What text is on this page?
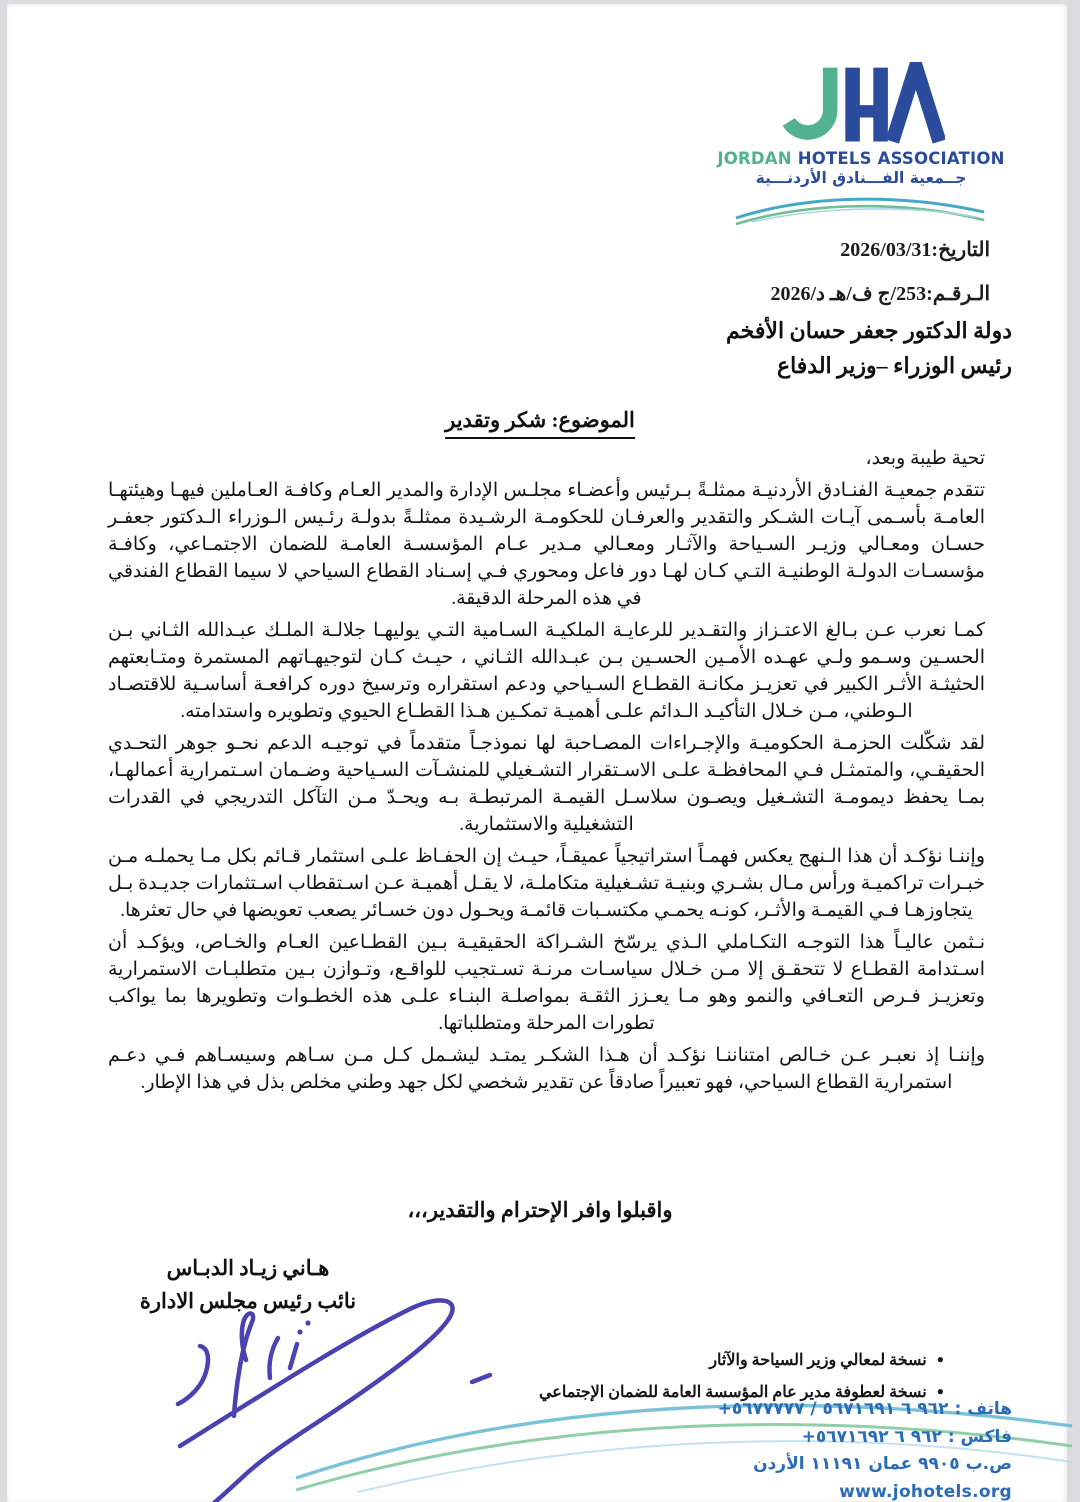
JORDAN HOTELS ASSOCIATION
جــمعية الفـــنادق الأردنـــية
التاريخ:2026/03/31
الـرقـم:253/ج ف/هـ د/2026
دولة الدكتور جعفر حسان الأفخم
رئيس الوزراء –وزير الدفاع
الموضوع: شكر وتقدير
تحية طيبة وبعد،

تتقدم جمعيـة الفنـادق الأردنيـة ممثلـةً بـرئيس وأعضـاء مجلـس الإدارة والمدير العـام وكافـة العـاملين فيهـا وهيئتهـا العامـة بأسـمى آيـات الشـكر والتقدير والعرفـان للحكومـة الرشـيدة ممثلـةً بدولـة رئـيس الـوزراء الـدكتور جعفـر حسـان ومعـالي وزيـر السـياحة والآثـار ومعـالي مـدير عـام المؤسسـة العامـة للضمان الاجتمـاعي، وكافـة مؤسسـات الدولـة الوطنيـة التـي كـان لهـا دور فاعل ومحوري فـي إسـناد القطاع السياحي لا سيما القطاع الفندقي في هذه المرحلة الدقيقة.

كمـا نعرب عـن بـالغ الاعتـزاز والتقـدير للرعايـة الملكيـة السـامية التـي يوليهـا جلالـة الملـك عبـدالله الثـاني بـن الحسـين وسـمو ولـي عهـده الأمـين الحسـين بـن عبـدالله الثـاني ، حيـث كـان لتوجيهـاتهم المستمرة ومتـابعتهم الحثيثـة الأثـر الكبير في تعزيـز مكانـة القطـاع السـياحي ودعم استقراره وترسيخ دوره كرافعـة أساسـية للاقتصـاد الـوطني، مـن خـلال التأكيـد الـدائم علـى أهميـة تمكـين هـذا القطـاع الحيوي وتطويره واستدامته.

لقد شكّلت الحزمـة الحكوميـة والإجـراءات المصـاحبة لها نموذجـاً متقدماً في توجيـه الدعم نحـو جوهر التحـدي الحقيقـي، والمتمثـل فـي المحافظـة علـى الاسـتقرار التشـغيلي للمنشـآت السـياحية وضـمان اسـتمرارية أعمالهـا، بمـا يحفظ ديمومـة التشـغيل ويصـون سلاسـل القيمـة المرتبطـة بـه ويحـدّ مـن التآكل التدريجي في القدرات التشغيلية والاستثمارية.

وإننـا نؤكـد أن هذا الـنهج يعكس فهمـاً استراتيجياً عميقـاً، حيـث إن الحفـاظ علـى استثمار قـائم بكل مـا يحملـه مـن خبـرات تراكميـة ورأس مـال بشـري وبنيـة تشـغيلية متكاملـة، لا يقـل أهميـة عـن اسـتقطاب اسـتثمارات جديـدة بـل يتجاوزهـا فـي القيمـة والأثـر، كونـه يحمـي مكتسـبات قائمـة ويحـول دون خسـائر يصعب تعويضها في حال تعثرها.

نـثمن عاليـاً هذا التوجـه التكـاملي الـذي يرسّخ الشـراكة الحقيقيـة بـين القطـاعين العـام والخـاص، ويؤكـد أن اسـتدامة القطـاع لا تتحقـق إلا مـن خـلال سياسـات مرنـة تسـتجيب للواقـع، وتـوازن بـين متطلبـات الاستمرارية وتعزيـز فـرص التعـافي والنمو وهو مـا يعـزز الثقـة بمواصلـة البنـاء علـى هذه الخطـوات وتطويرها بما يواكب تطورات المرحلة ومتطلباتها.

وإننـا إذ نعبـر عـن خـالص امتناننـا نؤكـد أن هـذا الشكـر يمتـد ليشـمل كـل مـن سـاهم وسيسـاهم فـي دعـم استمرارية القطاع السياحي، فهو تعبيراً صادقاً عن تقدير شخصي لكل جهد وطني مخلص بذل في هذا الإطار.

واقبلوا وافر الإحترام والتقدير،،،
هـاني زيـاد الدبـاس
نائب رئيس مجلس الادارة
●نسخة لمعالي وزير السياحة والآثار
●نسخة لعطوفة مدير عام المؤسسة العامة للضمان الإجتماعي
هاتف : +٩٦٢ ٦ ٥٦٧١٦٩١ / ٥٦٧٧٧٧٧
فاكس : +٩٦٢ ٦ ٥٦٧١٦٩٢
ص.ب ٩٩٠٥ عمان ١١١٩١ الأردن
www.johotels.org
